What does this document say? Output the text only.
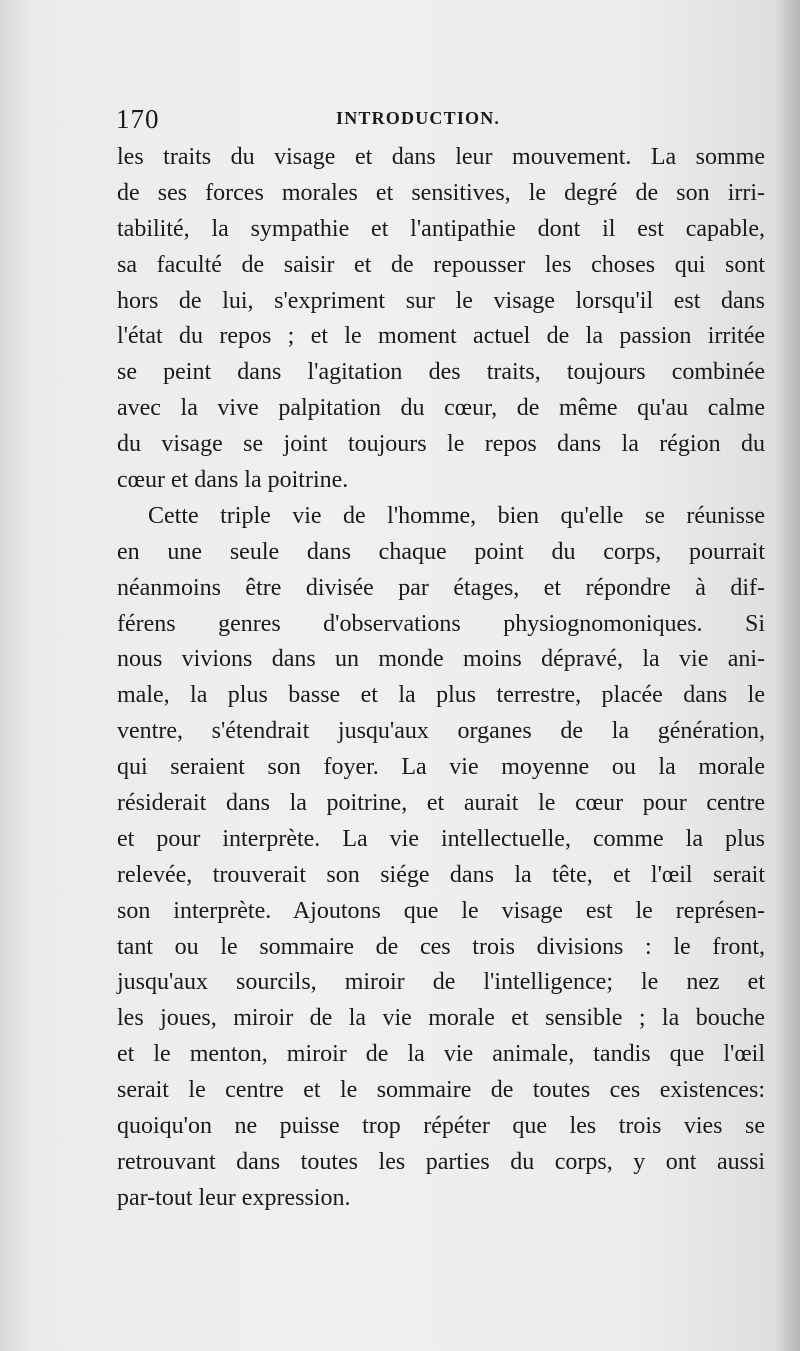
170	INTRODUCTION.
les traits du visage et dans leur mouvement. La somme
de ses forces morales et sensitives, le degré de son irri-
tabilité, la sympathie et l'antipathie dont il est capable,
sa faculté de saisir et de repousser les choses qui sont
hors de lui, s'expriment sur le visage lorsqu'il est dans
l'état du repos ; et le moment actuel de la passion irritée
se peint dans l'agitation des traits, toujours combinée
avec la vive palpitation du cœur, de même qu'au calme
du visage se joint toujours le repos dans la région du
cœur et dans la poitrine.
Cette triple vie de l'homme, bien qu'elle se réunisse
en une seule dans chaque point du corps, pourrait
néanmoins être divisée par étages, et répondre à dif-
férens genres d'observations physiognomoniques. Si
nous vivions dans un monde moins dépravé, la vie ani-
male, la plus basse et la plus terrestre, placée dans le
ventre, s'étendrait jusqu'aux organes de la génération,
qui seraient son foyer. La vie moyenne ou la morale
résiderait dans la poitrine, et aurait le cœur pour centre
et pour interprète. La vie intellectuelle, comme la plus
relevée, trouverait son siége dans la tête, et l'œil serait
son interprète. Ajoutons que le visage est le représen-
tant ou le sommaire de ces trois divisions : le front,
jusqu'aux sourcils, miroir de l'intelligence; le nez et
les joues, miroir de la vie morale et sensible ; la bouche
et le menton, miroir de la vie animale, tandis que l'œil
serait le centre et le sommaire de toutes ces existences:
quoiqu'on ne puisse trop répéter que les trois vies se
retrouvant dans toutes les parties du corps, y ont aussi
par-tout leur expression.
